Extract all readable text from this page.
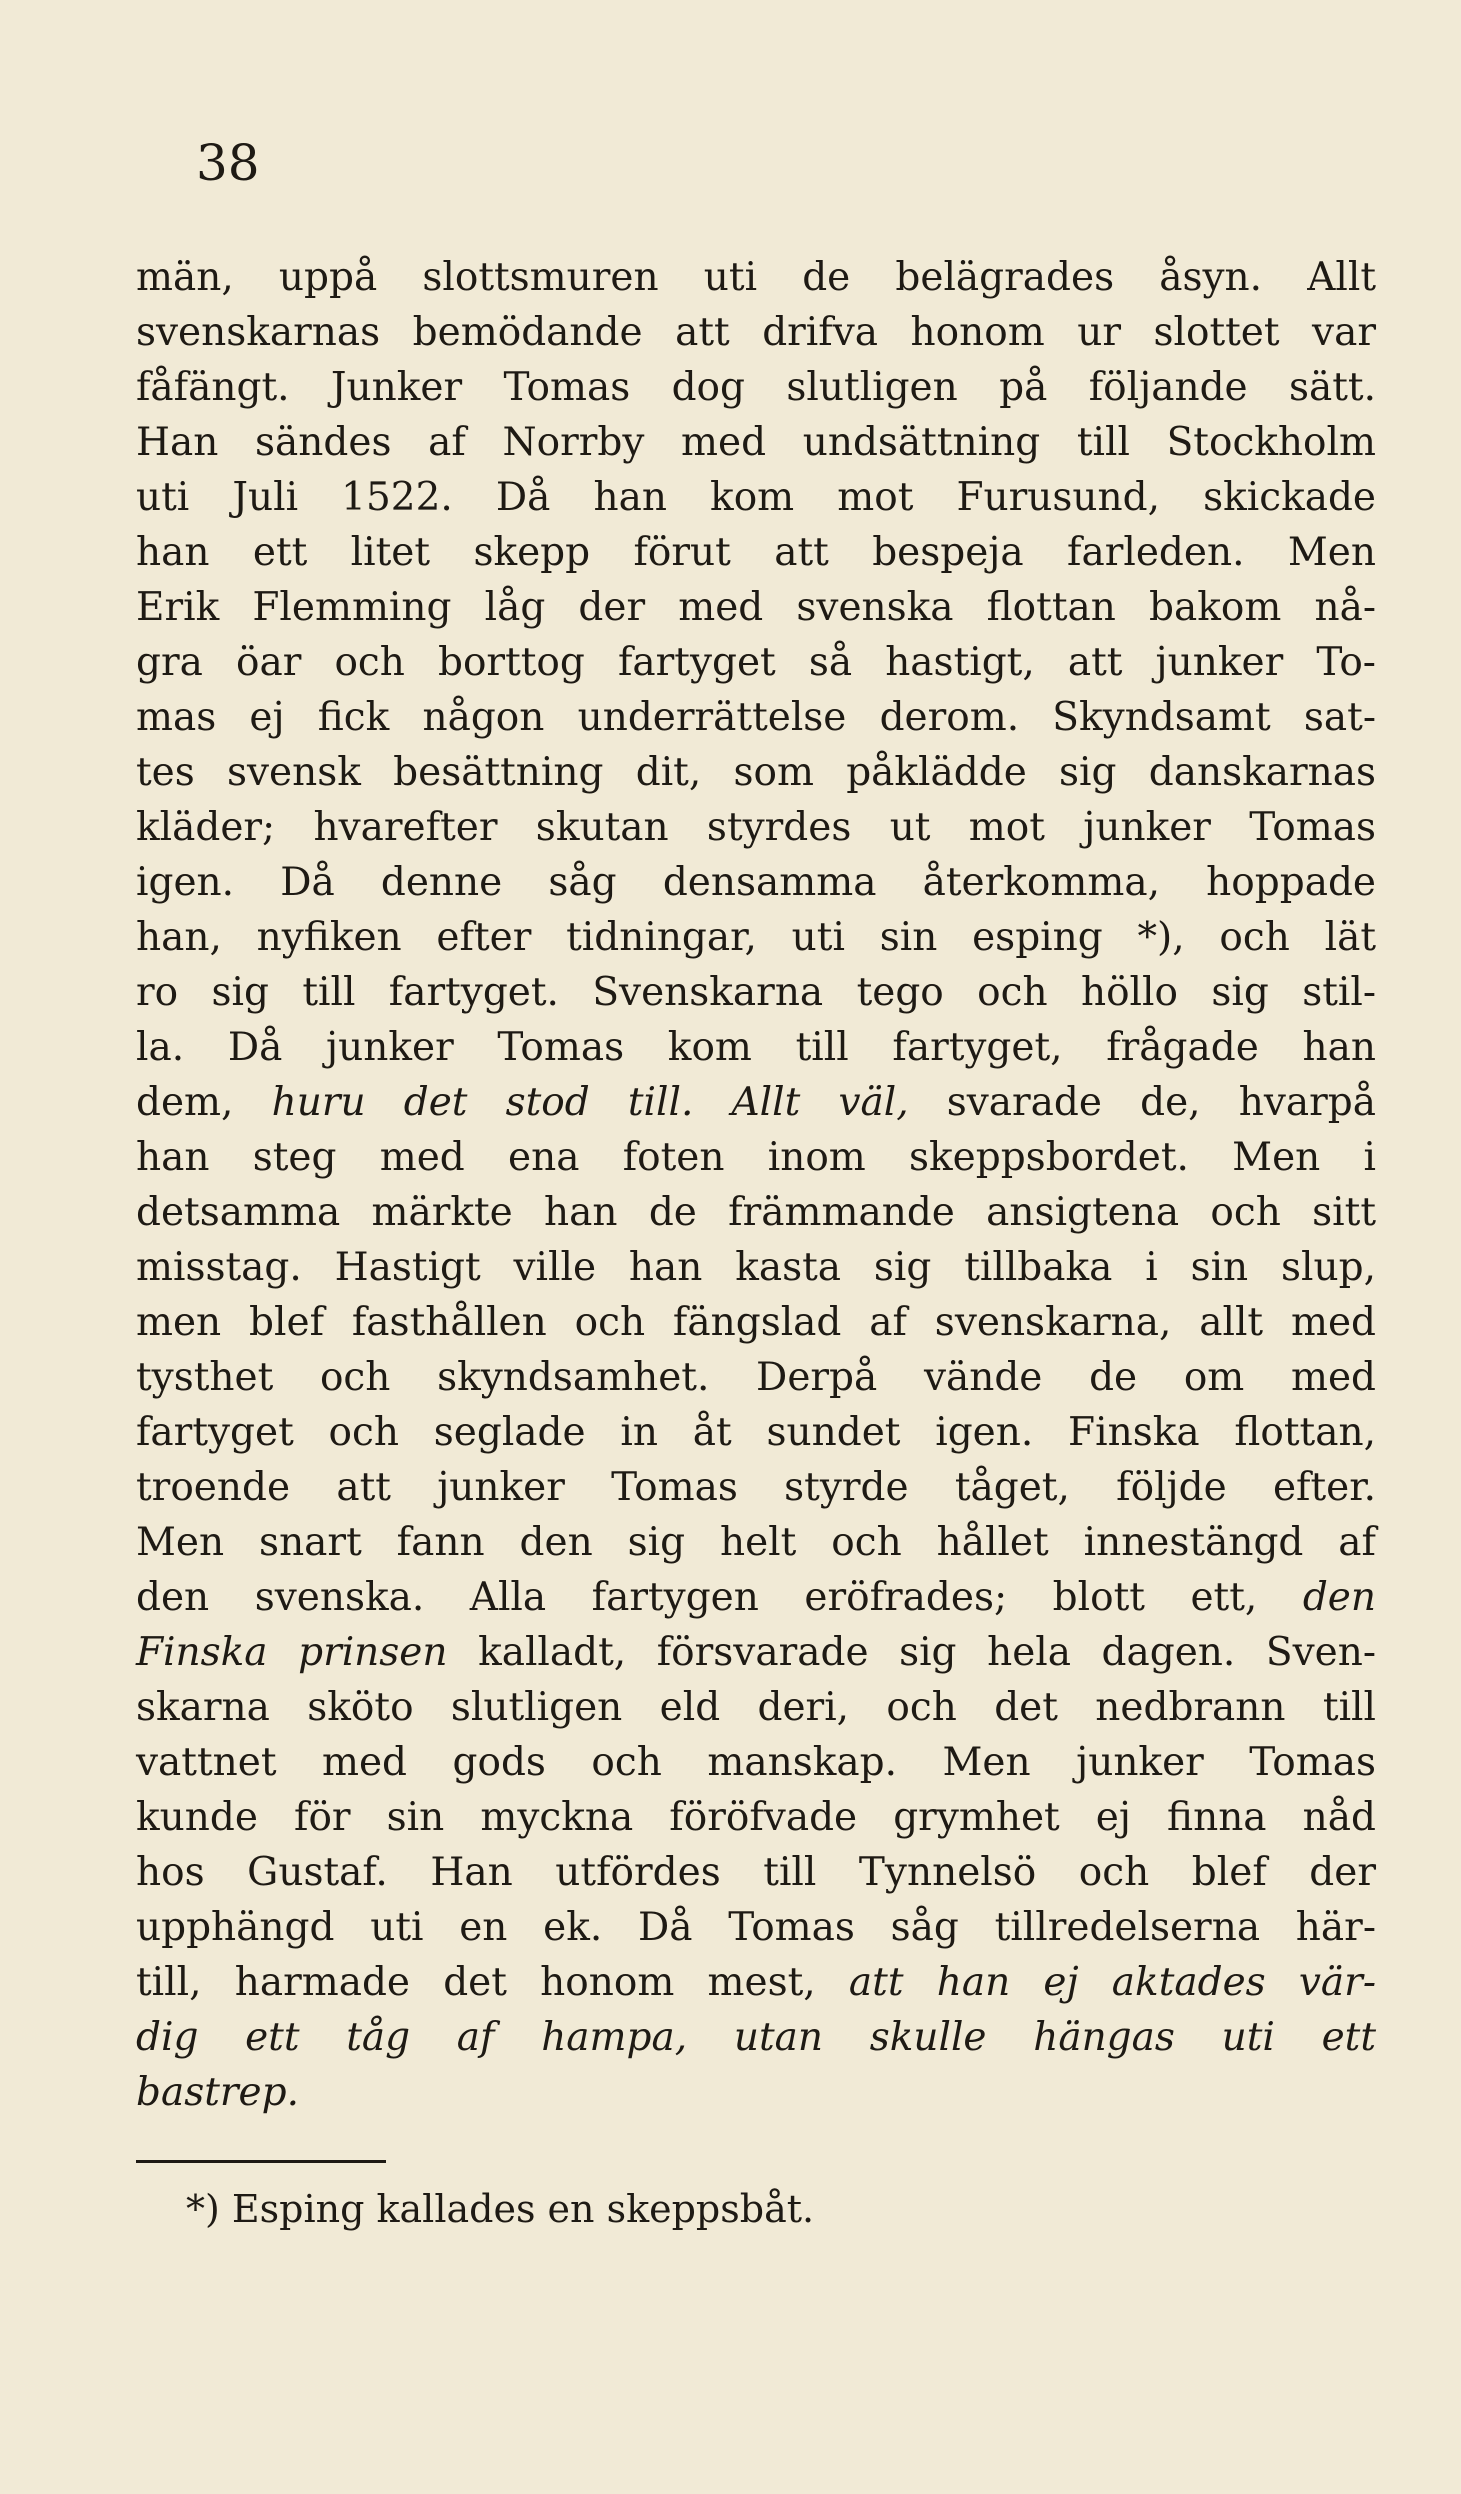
38
män, uppå slottsmuren uti de belägrades åsyn. Allt
svenskarnas bemödande att drifva honom ur slottet var
fåfängt. Junker Tomas dog slutligen på följande sätt.
Han sändes af Norrby med undsättning till Stockholm
uti Juli 1522. Då han kom mot Furusund, skickade
han ett litet skepp förut att bespeja farleden. Men
Erik Flemming låg der med svenska flottan bakom nå-
gra öar och borttog fartyget så hastigt, att junker To-
mas ej fick någon underrättelse derom. Skyndsamt sat-
tes svensk besättning dit, som påklädde sig danskarnas
kläder; hvarefter skutan styrdes ut mot junker Tomas
igen. Då denne såg densamma återkomma, hoppade
han, nyfiken efter tidningar, uti sin esping *), och lät
ro sig till fartyget. Svenskarna tego och höllo sig stil-
la. Då junker Tomas kom till fartyget, frågade han
dem, huru det stod till. Allt väl, svarade de, hvarpå
han steg med ena foten inom skeppsbordet. Men i
detsamma märkte han de främmande ansigtena och sitt
misstag. Hastigt ville han kasta sig tillbaka i sin slup,
men blef fasthållen och fängslad af svenskarna, allt med
tysthet och skyndsamhet. Derpå vände de om med
fartyget och seglade in åt sundet igen. Finska flottan,
troende att junker Tomas styrde tåget, följde efter.
Men snart fann den sig helt och hållet innestängd af
den svenska. Alla fartygen eröfrades; blott ett, den
Finska prinsen kalladt, försvarade sig hela dagen. Sven-
skarna sköto slutligen eld deri, och det nedbrann till
vattnet med gods och manskap. Men junker Tomas
kunde för sin myckna föröfvade grymhet ej finna nåd
hos Gustaf. Han utfördes till Tynnelsö och blef der
upphängd uti en ek. Då Tomas såg tillredelserna här-
till, harmade det honom mest, att han ej aktades vär-
dig ett tåg af hampa, utan skulle hängas uti ett
bastrep.
*) Esping kallades en skeppsbåt.
